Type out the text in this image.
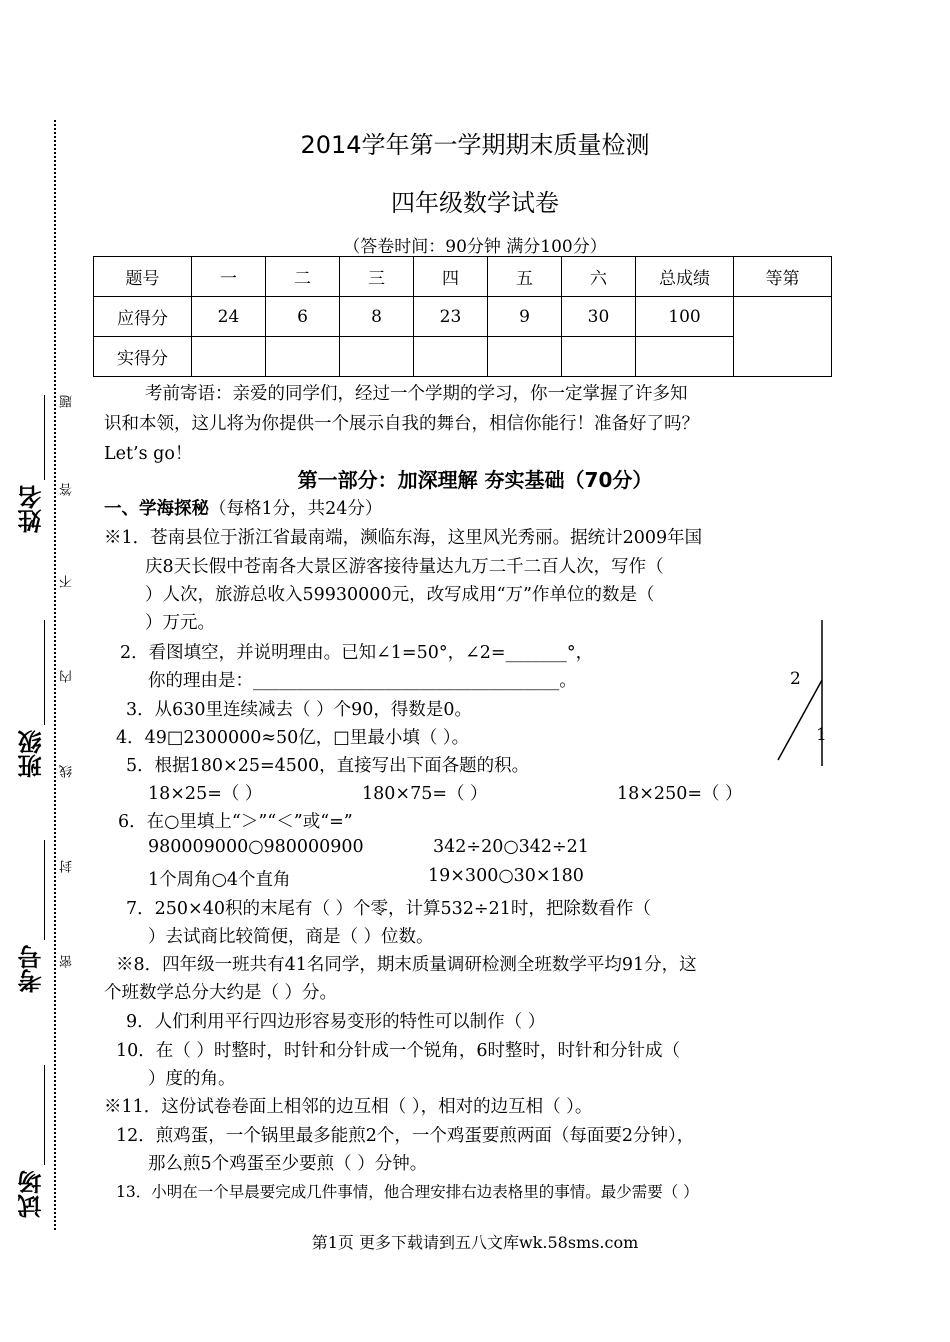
姓名
班级
考号
试场
题
答
不
内
线
封
密
2014学年第一学期期末质量检测
四年级数学试卷
（答卷时间：90分钟 满分100分）
题号	一	二	三	四	五	六	总成绩	等第
应得分	24	6	8	23	9	30	100	
实得分								
考前寄语：亲爱的同学们，经过一个学期的学习，你一定掌握了许多知
识和本领，这儿将为你提供一个展示自我的舞台，相信你能行！准备好了吗？
Let’s go！
第一部分：加深理解 夯实基础（70分）
一、学海探秘（每格1分，共24分）
※1．苍南县位于浙江省最南端，濒临东海，这里风光秀丽。据统计2009年国
庆8天长假中苍南各大景区游客接待量达九万二千二百人次，写作（
）人次，旅游总收入59930000元，改写成用“万”作单位的数是（
）万元。
2．看图填空，并说明理由。已知∠1=50°，∠2=_______°，
你的理由是：___________________________________。
3．从630里连续减去（ ）个90，得数是0。
4．49□2300000≈50亿，□里最小填（ ）。
5．根据180×25=4500，直接写出下面各题的积。
18×25=（ ）	180×75=（ ）	18×250=（ ）
6．在○里填上“＞”“＜”或“=”
980009000○980000900	342÷20○342÷21
1个周角○4个直角	19×300○30×180
7．250×40积的末尾有（ ）个零，计算532÷21时，把除数看作（
）去试商比较简便，商是（ ）位数。
※8．四年级一班共有41名同学，期末质量调研检测全班数学平均91分，这
个班数学总分大约是（ ）分。
9．人们利用平行四边形容易变形的特性可以制作（ ）
10．在（ ）时整时，时针和分针成一个锐角，6时整时，时针和分针成（
）度的角。
※11．这份试卷卷面上相邻的边互相（ ），相对的边互相（ ）。
12．煎鸡蛋，一个锅里最多能煎2个，一个鸡蛋要煎两面（每面要2分钟），
那么煎5个鸡蛋至少要煎（ ）分钟。
13．小明在一个早晨要完成几件事情，他合理安排右边表格里的事情。最少需要（ ）
2
1
第1页 更多下载请到五八文库wk.58sms.com
